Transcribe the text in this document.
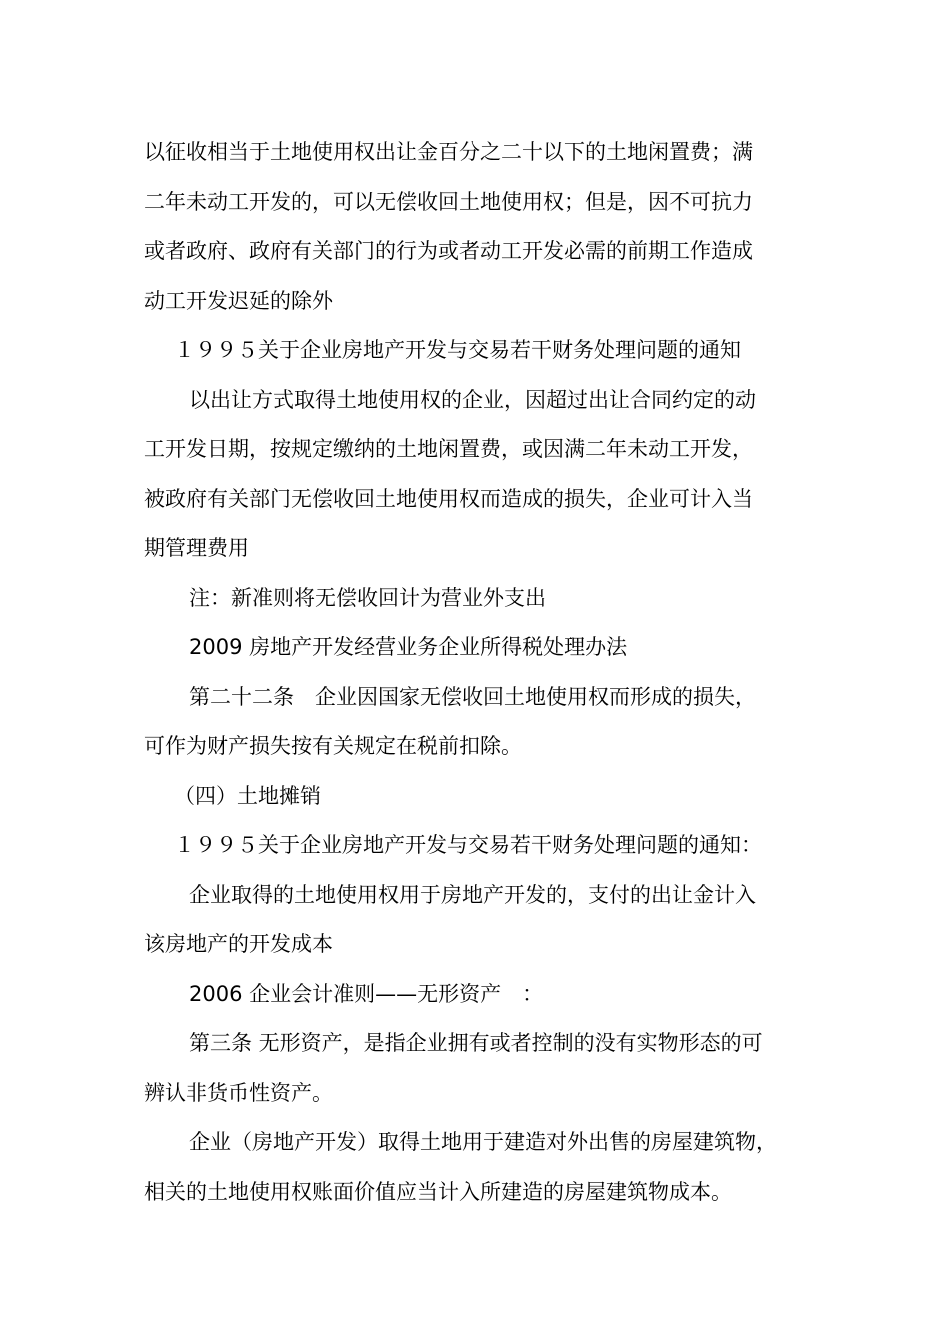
以征收相当于土地使用权出让金百分之二十以下的土地闲置费；满

二年未动工开发的，可以无偿收回土地使用权；但是，因不可抗力

或者政府、政府有关部门的行为或者动工开发必需的前期工作造成

动工开发迟延的除外

１９９５关于企业房地产开发与交易若干财务处理问题的通知

以出让方式取得土地使用权的企业，因超过出让合同约定的动

工开发日期，按规定缴纳的土地闲置费，或因满二年未动工开发，

被政府有关部门无偿收回土地使用权而造成的损失，企业可计入当

期管理费用

注：新准则将无偿收回计为营业外支出

2009 房地产开发经营业务企业所得税处理办法

第二十二条　企业因国家无偿收回土地使用权而形成的损失，

可作为财产损失按有关规定在税前扣除。

（四）土地摊销

１９９５关于企业房地产开发与交易若干财务处理问题的通知：

企业取得的土地使用权用于房地产开发的，支付的出让金计入

该房地产的开发成本

2006 企业会计准则——无形资产　：

第三条 无形资产，是指企业拥有或者控制的没有实物形态的可

辨认非货币性资产。

企业（房地产开发）取得土地用于建造对外出售的房屋建筑物，

相关的土地使用权账面价值应当计入所建造的房屋建筑物成本。
